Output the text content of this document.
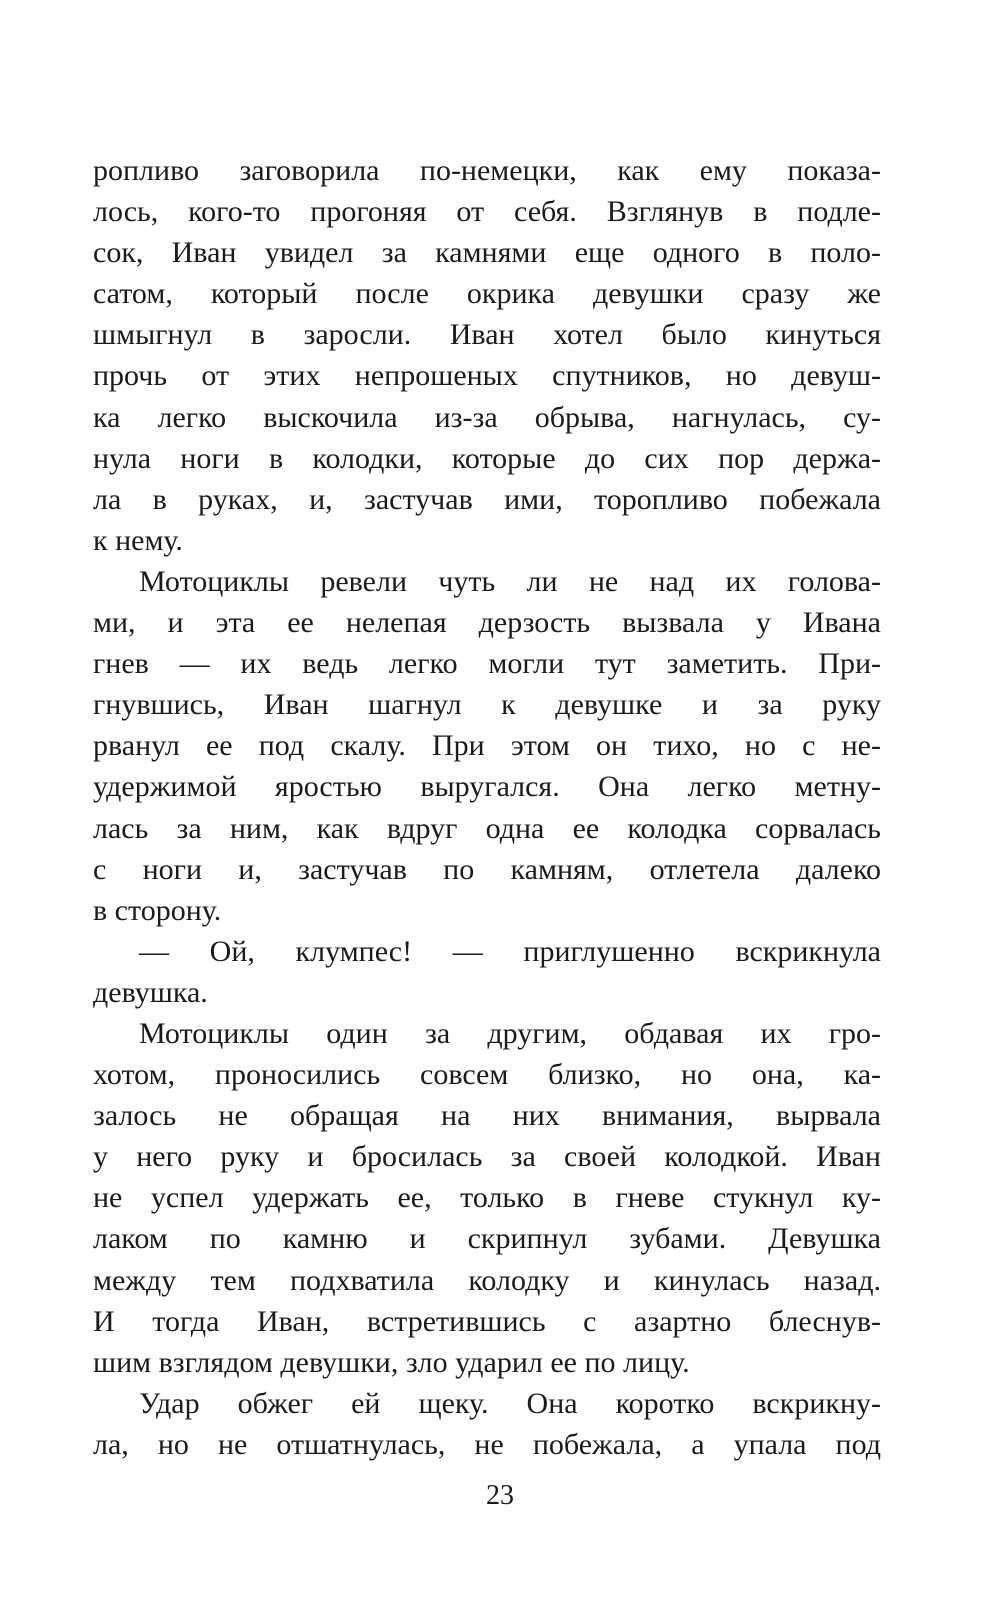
ропливо заговорила по-немецки, как ему показа-
лось, кого-то прогоняя от себя. Взглянув в подле-
сок, Иван увидел за камнями еще одного в поло-
сатом, который после окрика девушки сразу же
шмыгнул в заросли. Иван хотел было кинуться
прочь от этих непрошеных спутников, но девуш-
ка легко выскочила из-за обрыва, нагнулась, су-
нула ноги в колодки, которые до сих пор держа-
ла в руках, и, застучав ими, торопливо побежала
к нему.
Мотоциклы ревели чуть ли не над их голова-
ми, и эта ее нелепая дерзость вызвала у Ивана
гнев — их ведь легко могли тут заметить. При-
гнувшись, Иван шагнул к девушке и за руку
рванул ее под скалу. При этом он тихо, но с не-
удержимой яростью выругался. Она легко метну-
лась за ним, как вдруг одна ее колодка сорвалась
с ноги и, застучав по камням, отлетела далеко
в сторону.
— Ой, клумпес! — приглушенно вскрикнула
девушка.
Мотоциклы один за другим, обдавая их гро-
хотом, проносились совсем близко, но она, ка-
залось не обращая на них внимания, вырвала
у него руку и бросилась за своей колодкой. Иван
не успел удержать ее, только в гневе стукнул ку-
лаком по камню и скрипнул зубами. Девушка
между тем подхватила колодку и кинулась назад.
И тогда Иван, встретившись с азартно блеснув-
шим взглядом девушки, зло ударил ее по лицу.
Удар обжег ей щеку. Она коротко вскрикну-
ла, но не отшатнулась, не побежала, а упала под
23
